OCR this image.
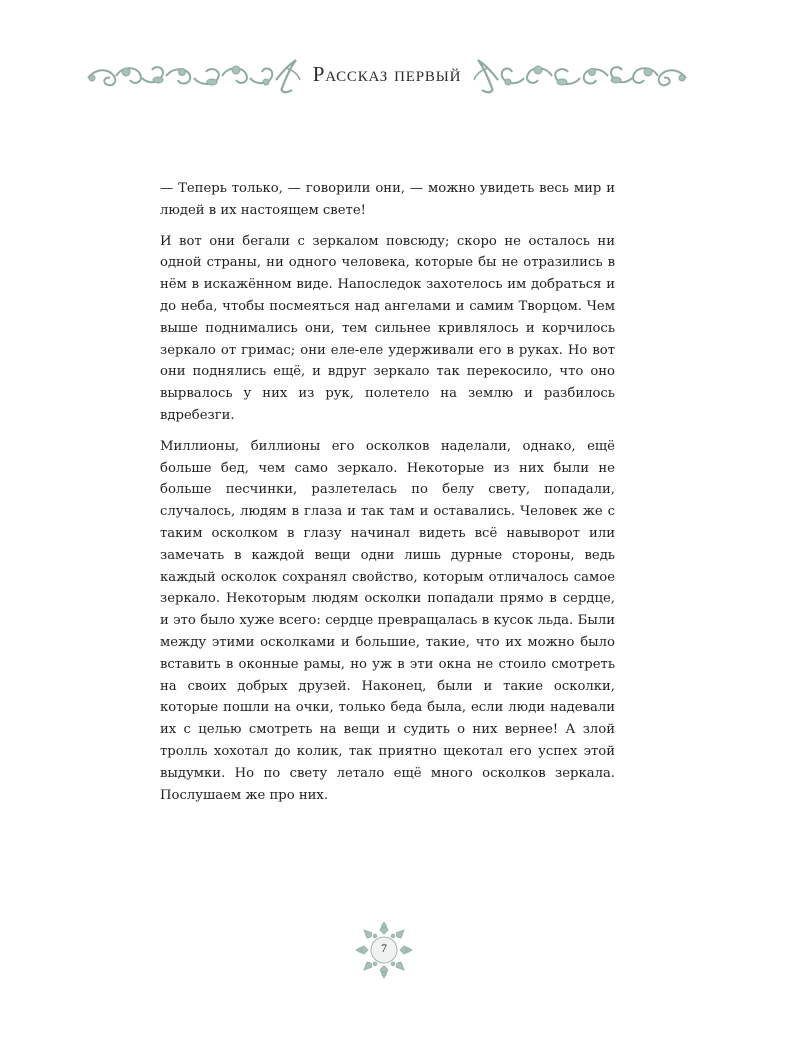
Рассказ первый

— Теперь только, — говорили они, — можно увидеть весь мир и людей в их настоящем свете!

И вот они бегали с зеркалом повсюду; скоро не осталось ни одной страны, ни одного человека, которые бы не отразились в нём в искажённом виде. Напоследок захотелось им добраться и до неба, чтобы посмеяться над ангелами и самим Творцом. Чем выше поднимались они, тем сильнее кривлялось и корчилось зеркало от гримас; они еле-еле удерживали его в руках. Но вот они поднялись ещё, и вдруг зеркало так перекосило, что оно вырвалось у них из рук, полетело на землю и разбилось вдребезги.

Миллионы, биллионы его осколков наделали, однако, ещё больше бед, чем само зеркало. Некоторые из них были не больше песчинки, разлетелась по белу свету, попадали, случалось, людям в глаза и так там и оставались. Человек же с таким осколком в глазу начинал видеть всё навыворот или замечать в каждой вещи одни лишь дурные стороны, ведь каждый осколок сохранял свойство, которым отличалось самое зеркало. Некоторым людям осколки попадали прямо в сердце, и это было хуже всего: сердце превращалась в кусок льда. Были между этими осколками и большие, такие, что их можно было вставить в оконные рамы, но уж в эти окна не стоило смотреть на своих добрых друзей. Наконец, были и такие осколки, которые пошли на очки, только беда была, если люди надевали их с целью смотреть на вещи и судить о них вернее! А злой тролль хохотал до колик, так приятно щекотал его успех этой выдумки. Но по свету летало ещё много осколков зеркала. Послушаем же про них.

7
